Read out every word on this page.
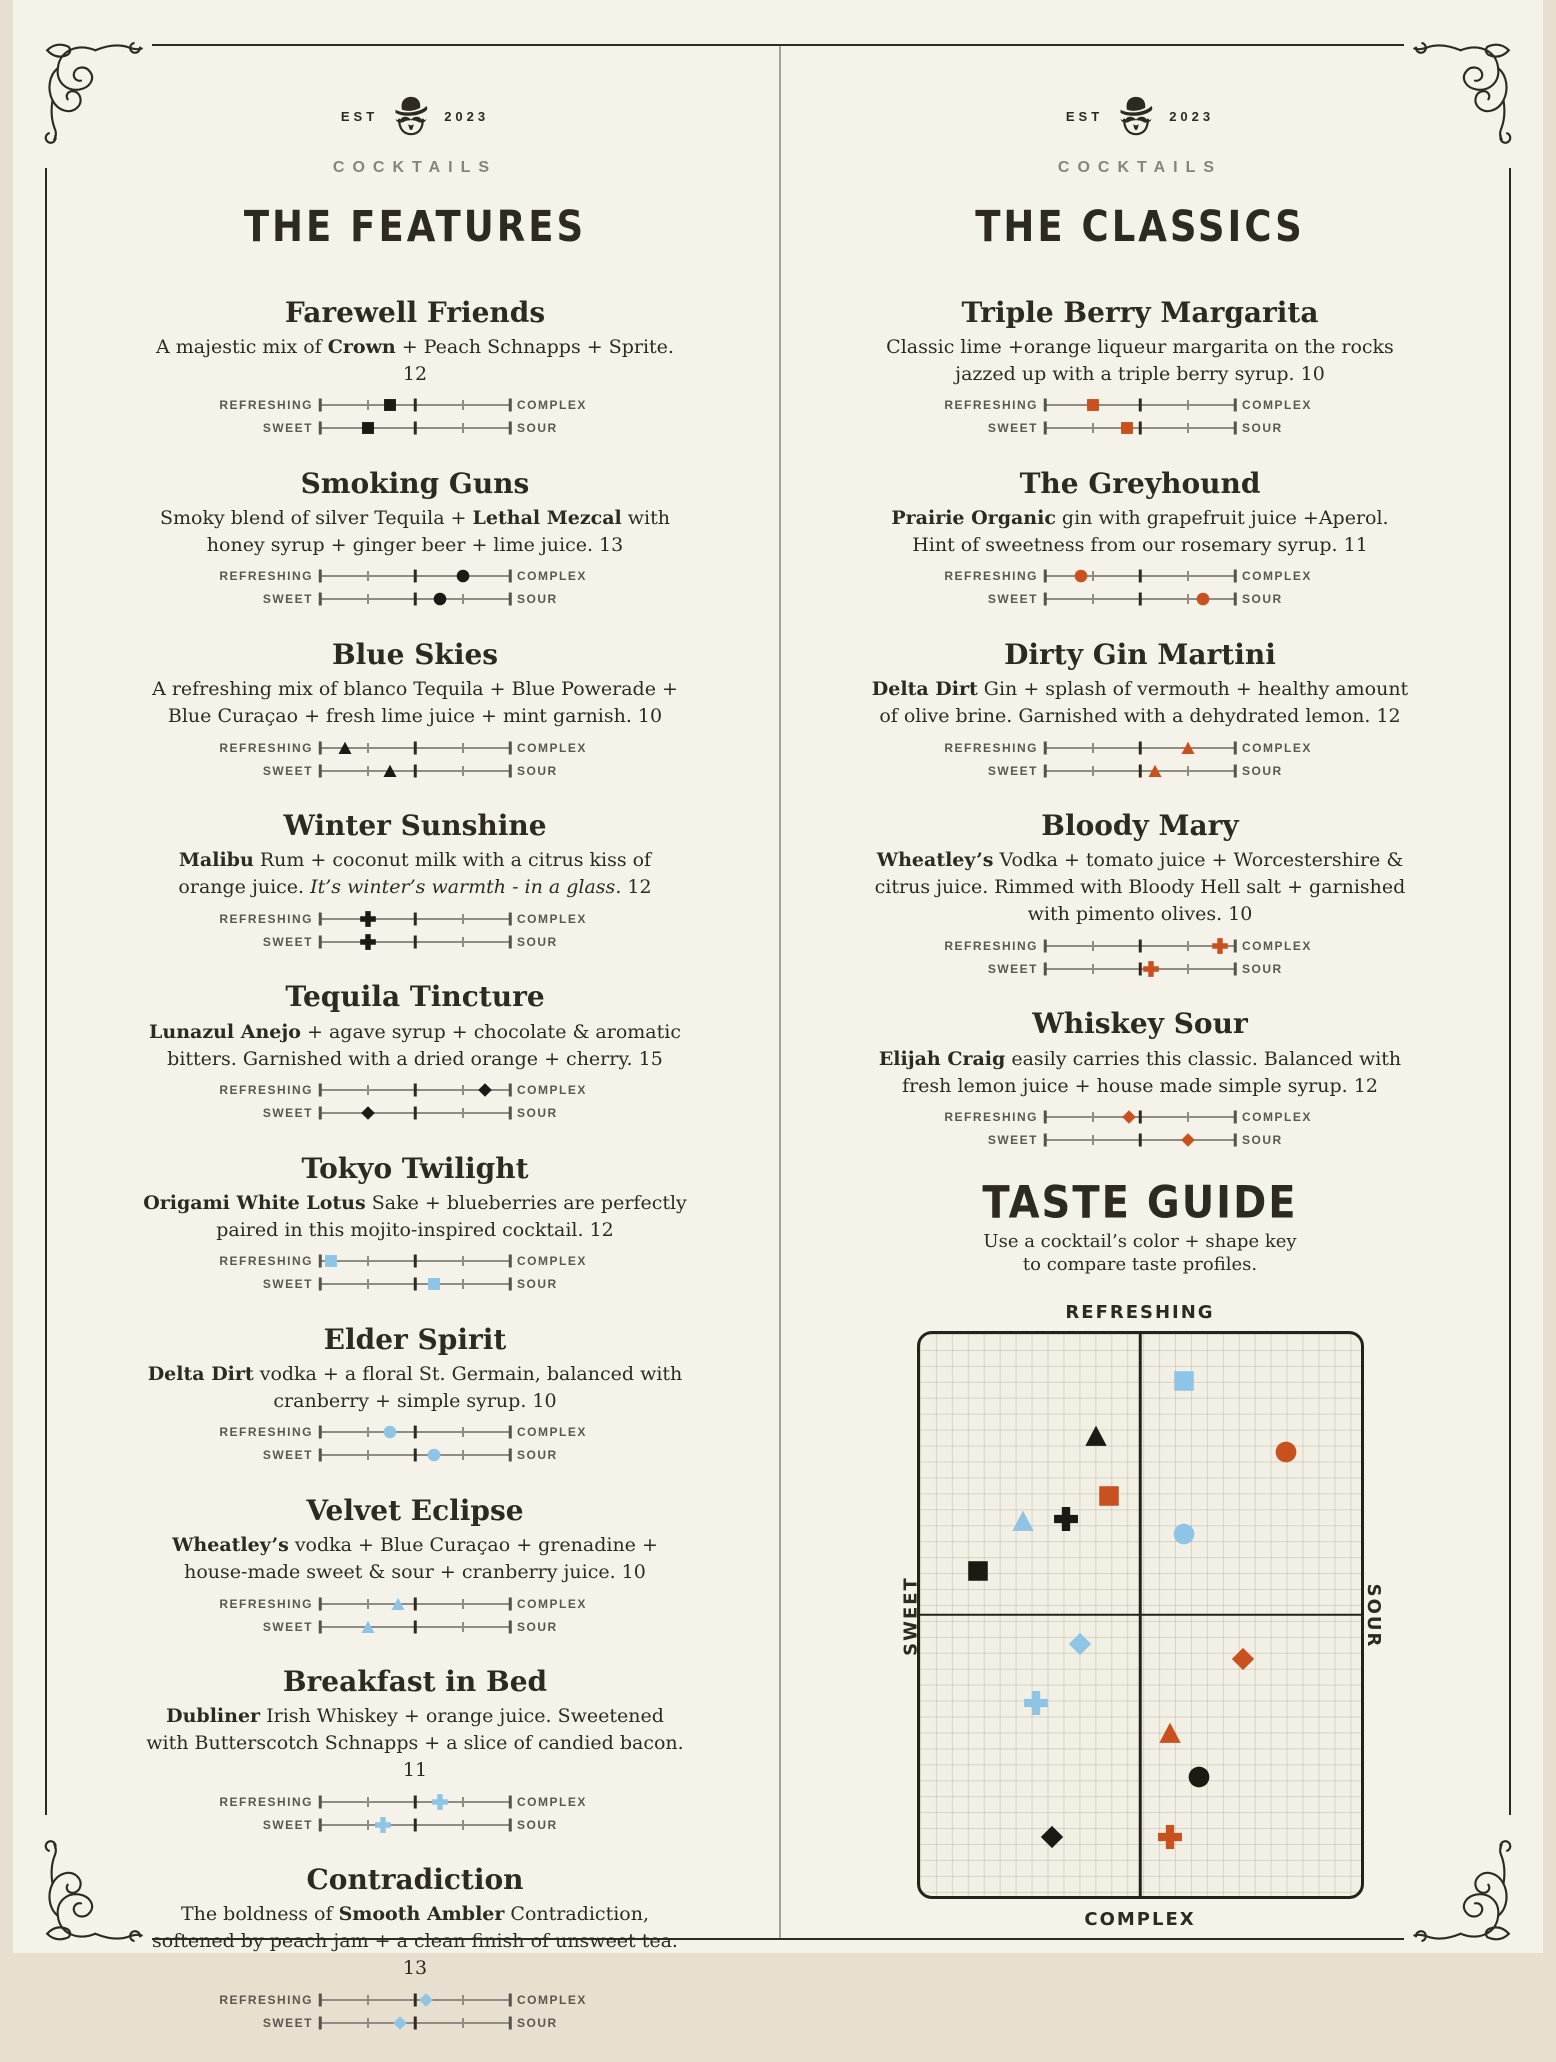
EST	2023
COCKTAILS
THE FEATURES
Farewell Friends

A majestic mix of Crown + Peach Schnapps + Sprite. 12

REFRESHING	COMPLEX
SWEET	SOUR
Smoking Guns

Smoky blend of silver Tequila + Lethal Mezcal with honey syrup + ginger beer + lime juice. 13

REFRESHING	COMPLEX
SWEET	SOUR
Blue Skies

A refreshing mix of blanco Tequila + Blue Powerade + Blue Curaçao + fresh lime juice + mint garnish. 10

REFRESHING	COMPLEX
SWEET	SOUR
Winter Sunshine

Malibu Rum + coconut milk with a citrus kiss of orange juice. It’s winter’s warmth - in a glass. 12

REFRESHING	COMPLEX
SWEET	SOUR
Tequila Tincture

Lunazul Anejo + agave syrup + chocolate & aromatic bitters. Garnished with a dried orange + cherry. 15

REFRESHING	COMPLEX
SWEET	SOUR
Tokyo Twilight

Origami White Lotus Sake + blueberries are perfectly paired in this mojito-inspired cocktail. 12

REFRESHING	COMPLEX
SWEET	SOUR
Elder Spirit

Delta Dirt vodka + a floral St. Germain, balanced with cranberry + simple syrup. 10

REFRESHING	COMPLEX
SWEET	SOUR
Velvet Eclipse

Wheatley’s vodka + Blue Curaçao + grenadine + house-made sweet & sour + cranberry juice. 10

REFRESHING	COMPLEX
SWEET	SOUR
Breakfast in Bed

Dubliner Irish Whiskey + orange juice. Sweetened with Butterscotch Schnapps + a slice of candied bacon. 11

REFRESHING	COMPLEX
SWEET	SOUR
Contradiction

The boldness of Smooth Ambler Contradiction, softened by peach jam + a clean finish of unsweet tea. 13

REFRESHING	COMPLEX
SWEET	SOUR
EST	2023
COCKTAILS
THE CLASSICS
Triple Berry Margarita

Classic lime +orange liqueur margarita on the rocks jazzed up with a triple berry syrup. 10

REFRESHING	COMPLEX
SWEET	SOUR
The Greyhound

Prairie Organic gin with grapefruit juice +Aperol. Hint of sweetness from our rosemary syrup. 11

REFRESHING	COMPLEX
SWEET	SOUR
Dirty Gin Martini

Delta Dirt Gin + splash of vermouth + healthy amount of olive brine. Garnished with a dehydrated lemon. 12

REFRESHING	COMPLEX
SWEET	SOUR
Bloody Mary

Wheatley’s Vodka + tomato juice + Worcestershire & citrus juice. Rimmed with Bloody Hell salt + garnished with pimento olives. 10

REFRESHING	COMPLEX
SWEET	SOUR
Whiskey Sour

Elijah Craig easily carries this classic. Balanced with fresh lemon juice + house made simple syrup. 12

REFRESHING	COMPLEX
SWEET	SOUR
TASTE GUIDE

Use a cocktail’s color + shape key
to compare taste profiles.

REFRESHING
SWEET	SOUR
COMPLEX
